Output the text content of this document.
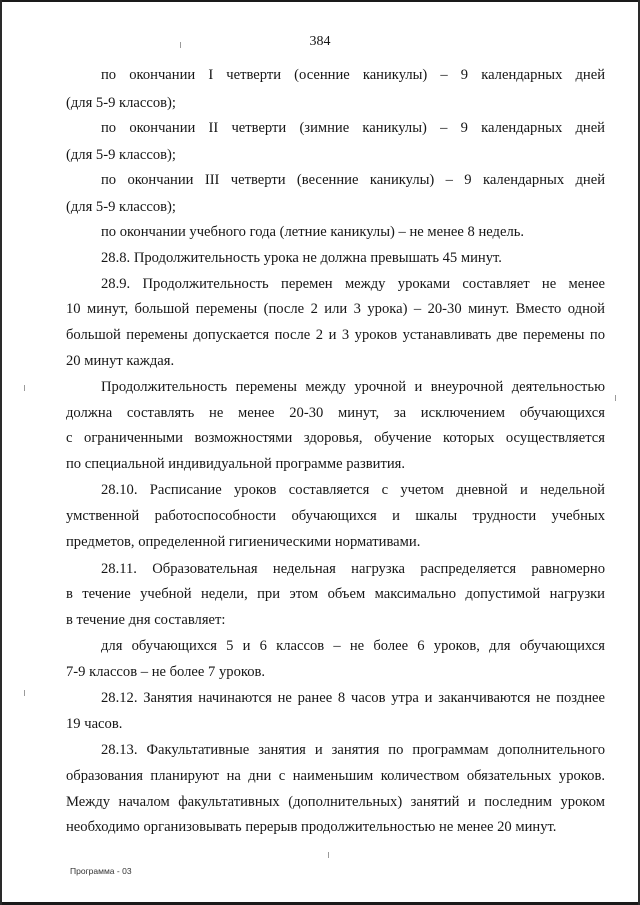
384
по окончании I четверти (осенние каникулы) – 9 календарных дней
(для 5-9 классов);
по окончании II четверти (зимние каникулы) – 9 календарных дней
(для 5-9 классов);
по окончании III четверти (весенние каникулы) – 9 календарных дней
(для 5-9 классов);
по окончании учебного года (летние каникулы) – не менее 8 недель.
28.8. Продолжительность урока не должна превышать 45 минут.
28.9. Продолжительность перемен между уроками составляет не менее
10 минут, большой перемены (после 2 или 3 урока) – 20-30 минут. Вместо одной
большой перемены допускается после 2 и 3 уроков устанавливать две перемены по
20 минут каждая.
Продолжительность перемены между урочной и внеурочной деятельностью
должна составлять не менее 20-30 минут, за исключением обучающихся
с ограниченными возможностями здоровья, обучение которых осуществляется
по специальной индивидуальной программе развития.
28.10. Расписание уроков составляется с учетом дневной и недельной
умственной работоспособности обучающихся и шкалы трудности учебных
предметов, определенной гигиеническими нормативами.
28.11. Образовательная недельная нагрузка распределяется равномерно
в течение учебной недели, при этом объем максимально допустимой нагрузки
в течение дня составляет:
для обучающихся 5 и 6 классов – не более 6 уроков, для обучающихся
7-9 классов – не более 7 уроков.
28.12. Занятия начинаются не ранее 8 часов утра и заканчиваются не позднее
19 часов.
28.13. Факультативные занятия и занятия по программам дополнительного
образования планируют на дни с наименьшим количеством обязательных уроков.
Между началом факультативных (дополнительных) занятий и последним уроком
необходимо организовывать перерыв продолжительностью не менее 20 минут.
Программа - 03
